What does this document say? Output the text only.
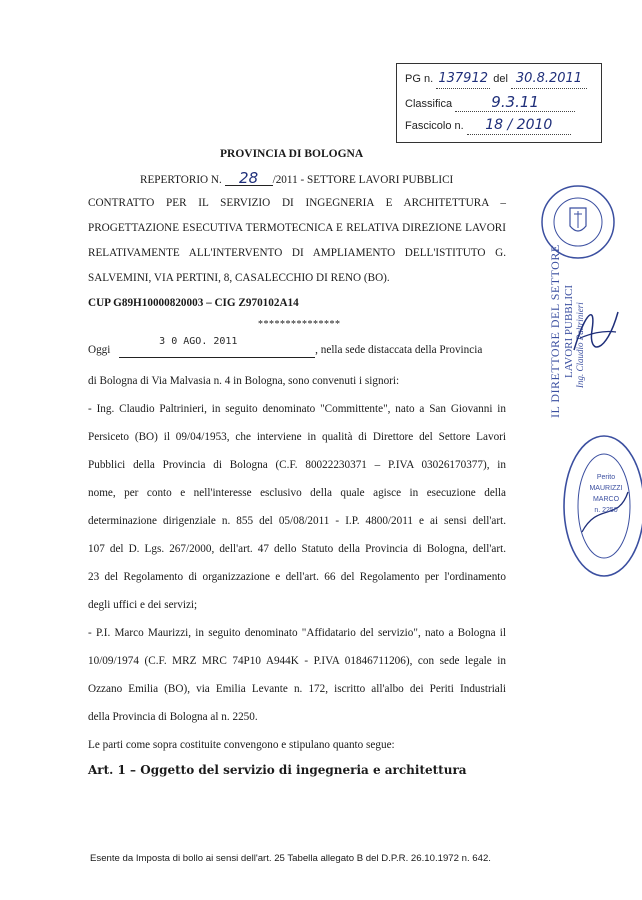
PG n. 137912 del 30.8.2011
Classifica	9.3.11
Fascicolo n. 18 / 2010
PROVINCIA DI BOLOGNA
REPERTORIO N. 28 /2011 - SETTORE LAVORI PUBBLICI
CONTRATTO PER IL SERVIZIO DI INGEGNERIA E ARCHITETTURA –
PROGETTAZIONE ESECUTIVA TERMOTECNICA E RELATIVA DIREZIONE LAVORI
RELATIVAMENTE ALL'INTERVENTO DI AMPLIAMENTO DELL'ISTITUTO G.
SALVEMINI, VIA PERTINI, 8, CASALECCHIO DI RENO (BO).
CUP G89H10000820003 – CIG Z970102A14
***************
Oggi
3 0 AGO. 2011
, nella sede distaccata della Provincia
di Bologna di Via Malvasia n. 4 in Bologna, sono convenuti i signori:
- Ing. Claudio Paltrinieri, in seguito denominato "Committente", nato a San Giovanni in
Persiceto (BO) il 09/04/1953, che interviene in qualità di Direttore del Settore Lavori
Pubblici della Provincia di Bologna (C.F. 80022230371 – P.IVA 03026170377), in
nome, per conto e nell'interesse esclusivo della quale agisce in esecuzione della
determinazione dirigenziale n. 855 del 05/08/2011 - I.P. 4800/2011 e ai sensi dell'art.
107 del D. Lgs. 267/2000, dell'art. 47 dello Statuto della Provincia di Bologna, dell'art.
23 del Regolamento di organizzazione e dell'art. 66 del Regolamento per l'ordinamento
degli uffici e dei servizi;
- P.I. Marco Maurizzi, in seguito denominato "Affidatario del servizio", nato a Bologna il
10/09/1974 (C.F. MRZ MRC 74P10 A944K - P.IVA 01846711206), con sede legale in
Ozzano Emilia (BO), via Emilia Levante n. 172, iscritto all'albo dei Periti Industriali
della Provincia di Bologna al n. 2250.
Le parti come sopra costituite convengono e stipulano quanto segue:
Art. 1 – Oggetto del servizio di ingegneria e architettura
Esente da Imposta di bollo ai sensi dell'art. 25 Tabella allegato B del D.P.R. 26.10.1972 n. 642.
IL DIRETTORE DEL SETTORE LAVORI PUBBLICI Ing. Claudio Paltrinieri
Perito
MAURIZZI
MARCO
n. 2250
